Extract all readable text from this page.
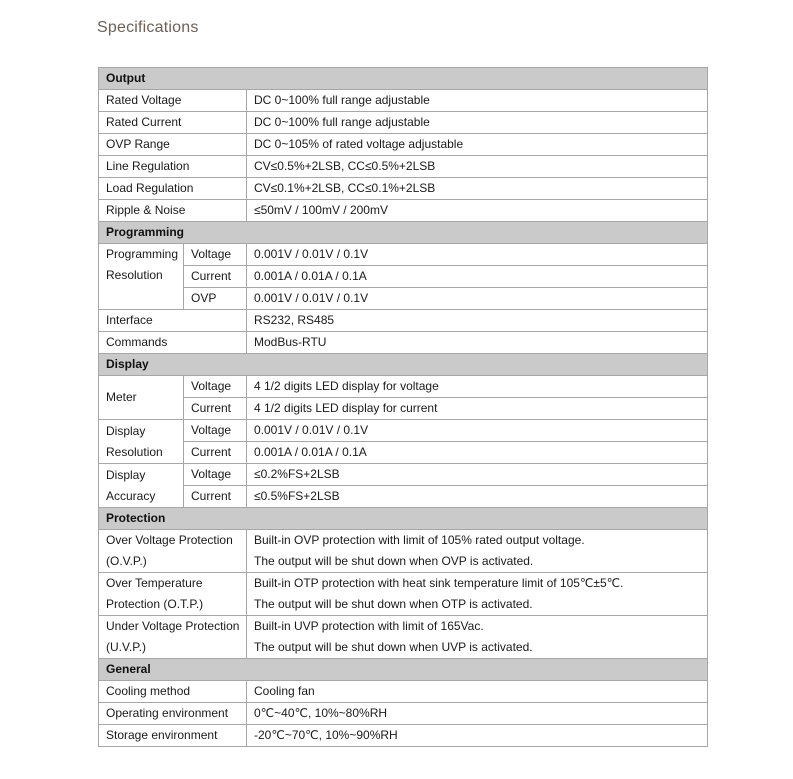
Specifications
Output		
Rated Voltage		DC 0~100% full range adjustable
Rated Current		DC 0~100% full range adjustable
OVP Range		DC 0~105% of rated voltage adjustable
Line Regulation		CV≤0.5%+2LSB, CC≤0.5%+2LSB
Load Regulation		CV≤0.1%+2LSB, CC≤0.1%+2LSB
Ripple & Noise		≤50mV / 100mV / 200mV
Programming		

Programming
Resolution	Voltage	0.001V / 0.01V / 0.1V
	Current	0.001A / 0.01A / 0.1A
	OVP	0.001V / 0.01V / 0.1V
Interface		RS232, RS485
Commands		ModBus-RTU
Display		
Meter	Voltage	4 1/2 digits LED display for voltage
	Current	4 1/2 digits LED display for current

Display
Resolution	Voltage	0.001V / 0.01V / 0.1V
	Current	0.001A / 0.01A / 0.1A

Display
Accuracy	Voltage	≤0.2%FS+2LSB
	Current	≤0.5%FS+2LSB
Protection		

Over Voltage Protection
(O.V.P.)		Built-in OVP protection with limit of 105% rated output voltage.
The output will be shut down when OVP is activated.

Over Temperature
Protection (O.T.P.)		Built-in OTP protection with heat sink temperature limit of 105℃±5℃.
The output will be shut down when OTP is activated.

Under Voltage Protection
(U.V.P.)		Built-in UVP protection with limit of 165Vac.
The output will be shut down when UVP is activated.

General		
Cooling method		Cooling fan
Operating environment		0℃~40℃, 10%~80%RH
Storage environment		-20℃~70℃, 10%~90%RH
